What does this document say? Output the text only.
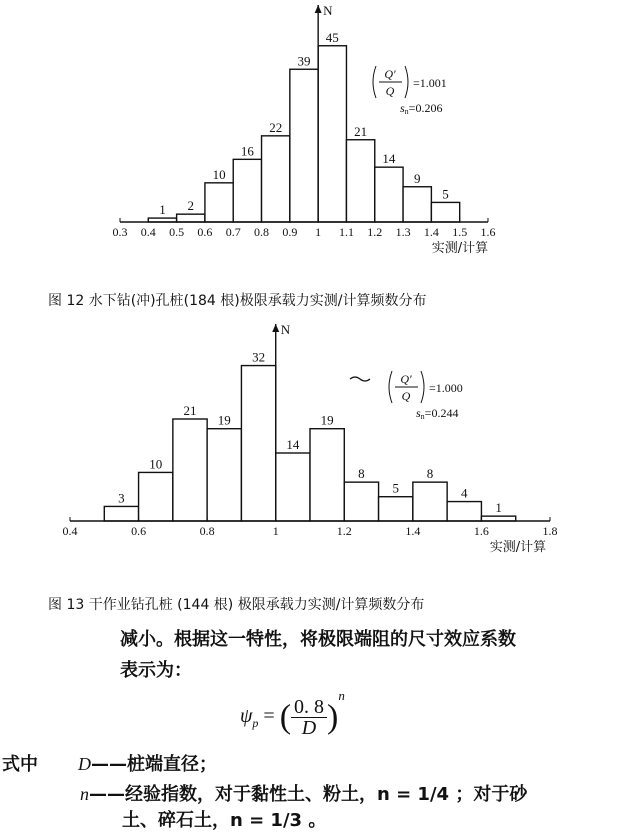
1 2
10
16
22
39
45
21
14
9
5
0.3 0.4 0.5 0.6 0.7 0.8 0.9 1 1.1 1.2 1.3 1.4 1.5 1.6
N
实测/计算
Q′
Q
=1.001
sn=0.206
图 12 水下钻(冲)孔桩(184 根)极限承载力实测/计算频数分布
3
10
21
19
32
14
19
8
5
8
4
1
0.4	0.6	0.8	1	1.2	1.4	1.6	1.8
N
实测/计算
Q′
Q
=1.000
sn=0.244
图 13 干作业钻孔桩 (144 根) 极限承载力实测/计算频数分布
减小。根据这一特性，将极限端阻的尺寸效应系数
表示为：
$\psi_p$ = ( $\frac{0. 8}{D} )^n$
式中 D——桩端直径；
n——经验指数，对于黏性土、粉土，n = 1/4 ；对于砂
土、碎石土，n = 1/3 。
